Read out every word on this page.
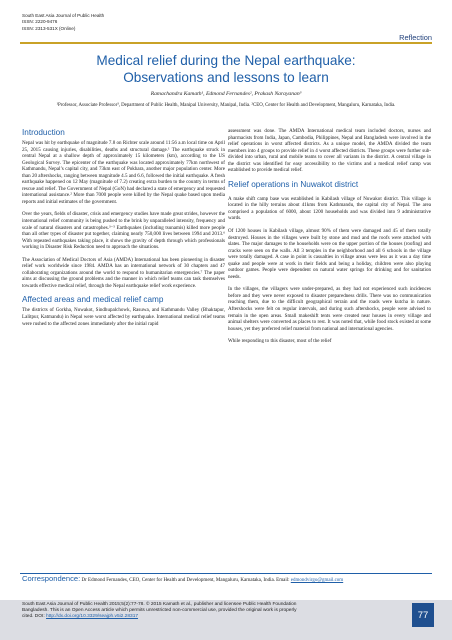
South East Asia Journal of Public Health
ISSN: 2220-9476
ISSN: 2313-531X (Online)
Reflection
Medical relief during the Nepal earthquake:
Observations and lessons to learn
Ramachandra Kamath¹, Edmond Fernandes², Prakash Narayanan³
¹Professor, Associate Professor³, Department of Public Health, Manipal University, Manipal, India. ²CEO, Center for Health and Development, Mangaluru, Karnataka, India.
Introduction

Nepal was hit by earthquake of magnitude 7.8 on Richter scale around 11:56 a.m local time on April 25, 2015 causing injuries, disabilities, deaths and structural damage.¹ The earthquake struck in central Nepal at a shallow depth of approximately 15 kilometers (km), according to the US Geological Survey. The epicenter of the earthquake was located approximately 77km northwest of Kathmandu, Nepal’s capital city, and 73km east of Pokhara, another major population center. More than 20 aftershocks, ranging between magnitude 4.5 and 6.6, followed the initial earthquake. A fresh earthquake happened on 12 May (magnitude of 7.2) creating extra burden to the country in terms of rescue and relief. The Government of Nepal (GoN) had declared a state of emergency and requested international assistance.² More than 7000 people were killed by the Nepal quake based upon media reports and initial estimates of the government.

Over the years, fields of disaster, crisis and emergency studies have made great strides, however the international relief community is being pushed to the brink by unparalleled intensity, frequency and scale of natural disasters and catastrophes.³⁻⁵ Earthquakes (including tsunamis) killed more people than all other types of disaster put together, claiming nearly 750,000 lives between 1994 and 2013.⁶ With repeated earthquakes taking place, it shows the gravity of depth through which professionals working in Disaster Risk Reduction need to approach the situations.

The Association of Medical Doctors of Asia (AMDA) International has been pioneering in disaster relief work worldwide since 1984. AMDA has an international network of 30 chapters and 47 collaborating organizations around the world to respond to humanitarian emergencies.⁷ The paper aims at discussing the ground problems and the manner in which relief teams can task themselves towards effective medical relief, through the Nepal earthquake relief work experience.

Affected areas and medical relief camp

The districts of Gorkha, Nuwakot, Sindhupalchowk, Rasuwa, and Kathmandu Valley (Bhaktapur, Lalitpur, Katmandu) in Nepal were worst affected by earthquake. International medical relief teams were rushed to the affected zones immediately after the initial rapid

assessment was done. The AMDA International medical team included doctors, nurses and pharmacists from India, Japan, Cambodia, Philippines, Nepal and Bangladesh were involved in the relief operations in worst affected districts. As a unique model, the AMDA divided the team members into 4 groups to provide relief in 4 worst affected districts. These groups were further sub-divided into urban, rural and mobile teams to cover all variants in the district. A central village in the district was identified for easy accessibility to the victims and a medical relief camp was established to provide medical relief.

Relief operations in Nuwakot district

A make shift camp base was established in Kabilash village of Nuwakot district. This village is located in the hilly terrains about 41kms from Kathmandu, the capital city of Nepal. The area comprised a population of 6000, about 1200 households and was divided into 9 administrative wards.

Of 1200 houses in Kabilash village, almost 90% of them were damaged and 45 of them totally destroyed. Houses in the villages were built by stone and mud and the roofs were attached with slates. The major damages to the households were on the upper portion of the houses (roofing) and cracks were seen on the walls. All 3 temples in the neighborhood and all 6 schools in the village were totally damaged. A case in point is casualties in village areas were less as it was a day time quake and people were at work in their fields and being a holiday, children were also playing outdoor games. People were dependent on natural water springs for drinking and for sanitation needs.

In the villages, the villagers were under-prepared, as they had not experienced such incidences before and they were never exposed to disaster preparedness drills. There was no communication reaching them, due to the difficult geographical terrain and the roads were kutcha in nature. Aftershocks were felt on regular intervals, and during such aftershocks, people were advised to remain in the open areas. Small makeshift tents were created near houses in every village and animal shelters were converted as places to rest. It was noted that, while food stock existed at some houses, yet they preferred relief material from national and international agencies.

While responding to this disaster, most of the relief

Correspondence: Dr Edmond Fernandes, CEO, Center for Health and Development, Mangaluru, Karnataka, India. Email: edmondvirgo@gmail.com
South East Asia Journal of Public Health 2015;5(2):77-78. © 2015 Kamath et al., publisher and licensee Public Health Foundation
Bangladesh. This is an Open Access article which permits unrestricted non-commercial use, provided the original work is properly
cited. DOI: http://dx.doi.org/10.3329/seajph.v5i2.28317	77
